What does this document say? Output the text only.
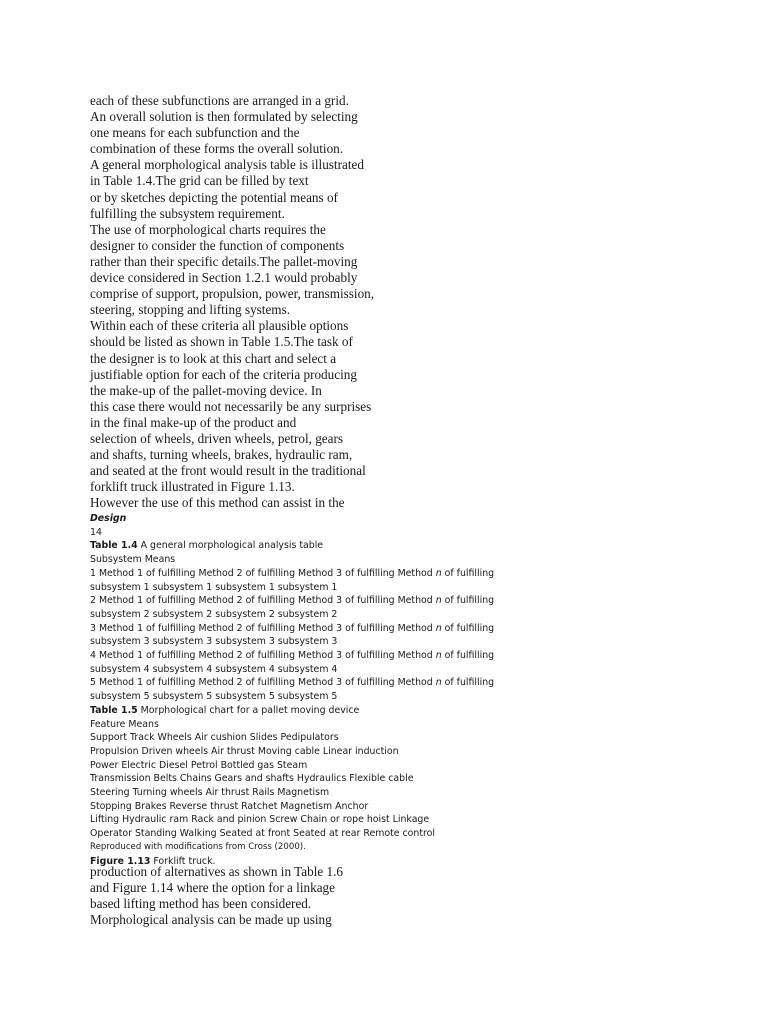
each of these subfunctions are arranged in a grid.
An overall solution is then formulated by selecting
one means for each subfunction and the
combination of these forms the overall solution.
A general morphological analysis table is illustrated
in Table 1.4.The grid can be filled by text
or by sketches depicting the potential means of
fulfilling the subsystem requirement.
The use of morphological charts requires the
designer to consider the function of components
rather than their specific details.The pallet-moving
device considered in Section 1.2.1 would probably
comprise of support, propulsion, power, transmission,
steering, stopping and lifting systems.
Within each of these criteria all plausible options
should be listed as shown in Table 1.5.The task of
the designer is to look at this chart and select a
justifiable option for each of the criteria producing
the make-up of the pallet-moving device. In
this case there would not necessarily be any surprises
in the final make-up of the product and
selection of wheels, driven wheels, petrol, gears
and shafts, turning wheels, brakes, hydraulic ram,
and seated at the front would result in the traditional
forklift truck illustrated in Figure 1.13.
However the use of this method can assist in the
Design
14
Table 1.4 A general morphological analysis table
Subsystem Means
1 Method 1 of fulfilling Method 2 of fulfilling Method 3 of fulfilling Method n of fulfilling
subsystem 1 subsystem 1 subsystem 1 subsystem 1
2 Method 1 of fulfilling Method 2 of fulfilling Method 3 of fulfilling Method n of fulfilling
subsystem 2 subsystem 2 subsystem 2 subsystem 2
3 Method 1 of fulfilling Method 2 of fulfilling Method 3 of fulfilling Method n of fulfilling
subsystem 3 subsystem 3 subsystem 3 subsystem 3
4 Method 1 of fulfilling Method 2 of fulfilling Method 3 of fulfilling Method n of fulfilling
subsystem 4 subsystem 4 subsystem 4 subsystem 4
5 Method 1 of fulfilling Method 2 of fulfilling Method 3 of fulfilling Method n of fulfilling
subsystem 5 subsystem 5 subsystem 5 subsystem 5
Table 1.5 Morphological chart for a pallet moving device
Feature Means
Support Track Wheels Air cushion Slides Pedipulators
Propulsion Driven wheels Air thrust Moving cable Linear induction
Power Electric Diesel Petrol Bottled gas Steam
Transmission Belts Chains Gears and shafts Hydraulics Flexible cable
Steering Turning wheels Air thrust Rails Magnetism
Stopping Brakes Reverse thrust Ratchet Magnetism Anchor
Lifting Hydraulic ram Rack and pinion Screw Chain or rope hoist Linkage
Operator Standing Walking Seated at front Seated at rear Remote control
Reproduced with modifications from Cross (2000).
Figure 1.13 Forklift truck.
production of alternatives as shown in Table 1.6
and Figure 1.14 where the option for a linkage
based lifting method has been considered.
Morphological analysis can be made up using
